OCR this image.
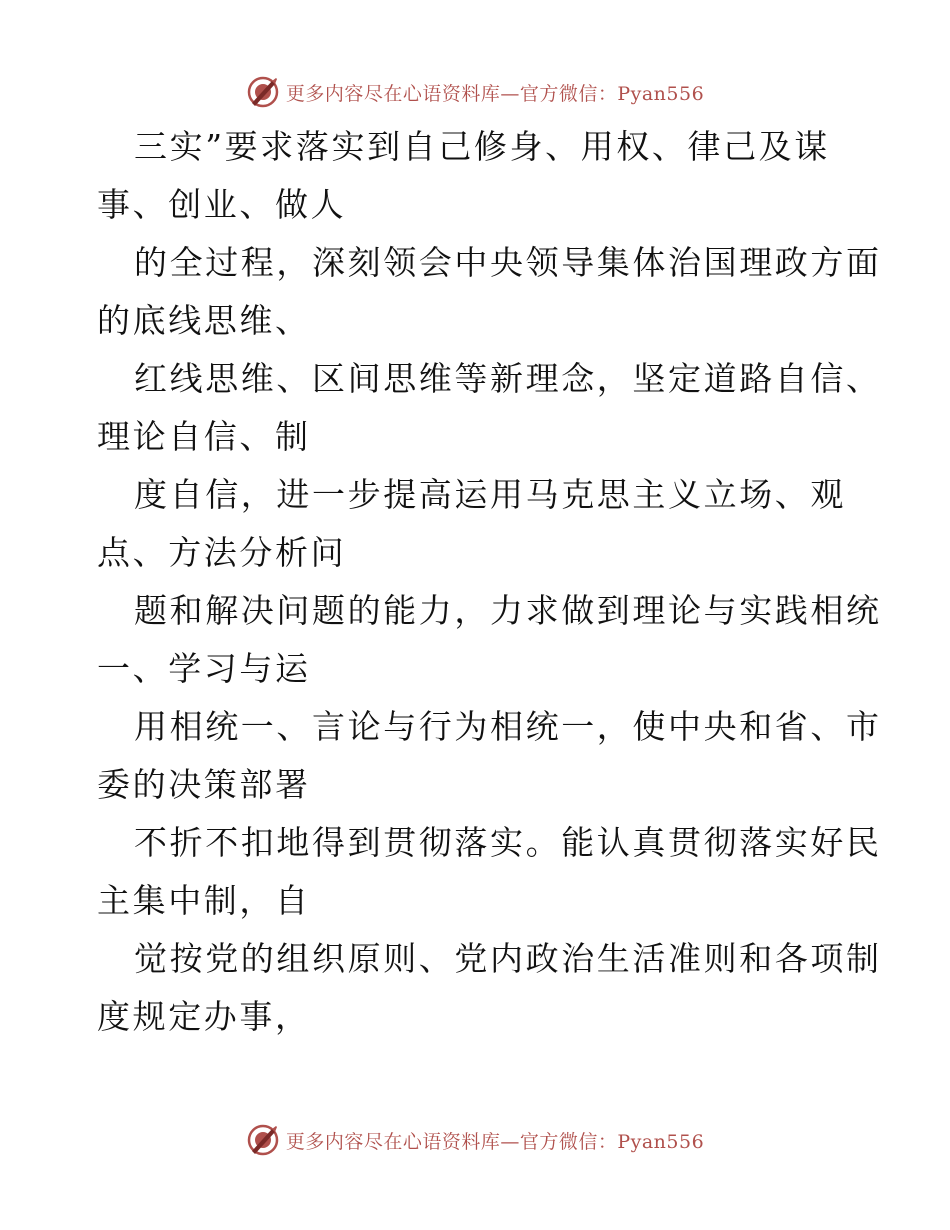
更多内容尽在心语资料库—官方微信：Pyan556
三实”要求落实到自己修身、用权、律己及谋
事、创业、做人
的全过程，深刻领会中央领导集体治国理政方面
的底线思维、
红线思维、区间思维等新理念，坚定道路自信、
理论自信、制
度自信，进一步提高运用马克思主义立场、观
点、方法分析问
题和解决问题的能力，力求做到理论与实践相统
一、学习与运
用相统一、言论与行为相统一，使中央和省、市
委的决策部署
不折不扣地得到贯彻落实。能认真贯彻落实好民
主集中制，自
觉按党的组织原则、党内政治生活准则和各项制
度规定办事，
更多内容尽在心语资料库—官方微信：Pyan556
